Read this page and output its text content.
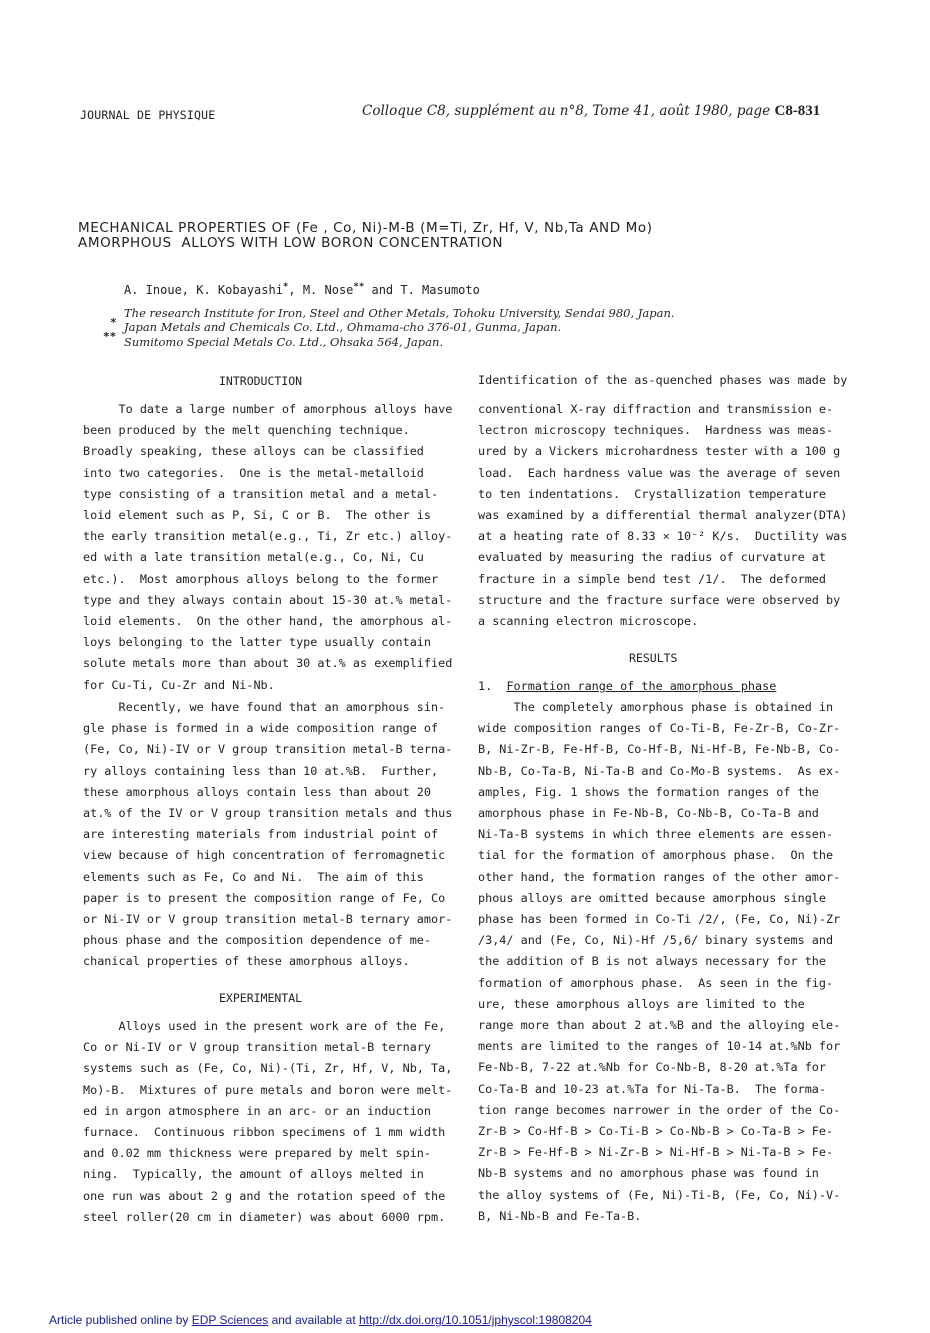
JOURNAL DE PHYSIQUE	Colloque C8, supplément au n°8, Tome 41, août 1980, page C8-831
MECHANICAL PROPERTIES OF (Fe , Co, Ni)-M-B (M=Ti, Zr, Hf, V, Nb,Ta AND Mo)
AMORPHOUS  ALLOYS WITH LOW BORON CONCENTRATION
A. Inoue, K. Kobayashi*, M. Nose** and T. Masumoto
The research Institute for Iron, Steel and Other Metals, Tohoku University, Sendai 980, Japan.
* Japan Metals and Chemicals Co. Ltd., Ohmama-cho 376-01, Gunma, Japan.
** Sumitomo Special Metals Co. Ltd., Ohsaka 564, Japan.
INTRODUCTION
To date a large number of amorphous alloys have
been produced by the melt quenching technique.
Broadly speaking, these alloys can be classified
into two categories.  One is the metal-metalloid
type consisting of a transition metal and a metal-
loid element such as P, Si, C or B.  The other is
the early transition metal(e.g., Ti, Zr etc.) alloy-
ed with a late transition metal(e.g., Co, Ni, Cu
etc.).  Most amorphous alloys belong to the former
type and they always contain about 15-30 at.% metal-
loid elements.  On the other hand, the amorphous al-
loys belonging to the latter type usually contain
solute metals more than about 30 at.% as exemplified
for Cu-Ti, Cu-Zr and Ni-Nb.
Recently, we have found that an amorphous sin-
gle phase is formed in a wide composition range of
(Fe, Co, Ni)-IV or V group transition metal-B terna-
ry alloys containing less than 10 at.%B.  Further,
these amorphous alloys contain less than about 20
at.% of the IV or V group transition metals and thus
are interesting materials from industrial point of
view because of high concentration of ferromagnetic
elements such as Fe, Co and Ni.  The aim of this
paper is to present the composition range of Fe, Co
or Ni-IV or V group transition metal-B ternary amor-
phous phase and the composition dependence of me-
chanical properties of these amorphous alloys.
EXPERIMENTAL
Alloys used in the present work are of the Fe,
Co or Ni-IV or V group transition metal-B ternary
systems such as (Fe, Co, Ni)-(Ti, Zr, Hf, V, Nb, Ta,
Mo)-B.  Mixtures of pure metals and boron were melt-
ed in argon atmosphere in an arc- or an induction
furnace.  Continuous ribbon specimens of 1 mm width
and 0.02 mm thickness were prepared by melt spin-
ning.  Typically, the amount of alloys melted in
one run was about 2 g and the rotation speed of the
steel roller(20 cm in diameter) was about 6000 rpm.
Identification of the as-quenched phases was made by
conventional X-ray diffraction and transmission e-
lectron microscopy techniques.  Hardness was meas-
ured by a Vickers microhardness tester with a 100 g
load.  Each hardness value was the average of seven
to ten indentations.  Crystallization temperature
was examined by a differential thermal analyzer(DTA)
at a heating rate of 8.33 × 10⁻² K/s.  Ductility was
evaluated by measuring the radius of curvature at
fracture in a simple bend test /1/.  The deformed
structure and the fracture surface were observed by
a scanning electron microscope.
RESULTS
1. Formation range of the amorphous phase
The completely amorphous phase is obtained in
wide composition ranges of Co-Ti-B, Fe-Zr-B, Co-Zr-
B, Ni-Zr-B, Fe-Hf-B, Co-Hf-B, Ni-Hf-B, Fe-Nb-B, Co-
Nb-B, Co-Ta-B, Ni-Ta-B and Co-Mo-B systems.  As ex-
amples, Fig. 1 shows the formation ranges of the
amorphous phase in Fe-Nb-B, Co-Nb-B, Co-Ta-B and
Ni-Ta-B systems in which three elements are essen-
tial for the formation of amorphous phase.  On the
other hand, the formation ranges of the other amor-
phous alloys are omitted because amorphous single
phase has been formed in Co-Ti /2/, (Fe, Co, Ni)-Zr
/3,4/ and (Fe, Co, Ni)-Hf /5,6/ binary systems and
the addition of B is not always necessary for the
formation of amorphous phase.  As seen in the fig-
ure, these amorphous alloys are limited to the
range more than about 2 at.%B and the alloying ele-
ments are limited to the ranges of 10-14 at.%Nb for
Fe-Nb-B, 7-22 at.%Nb for Co-Nb-B, 8-20 at.%Ta for
Co-Ta-B and 10-23 at.%Ta for Ni-Ta-B.  The forma-
tion range becomes narrower in the order of the Co-
Zr-B > Co-Hf-B > Co-Ti-B > Co-Nb-B > Co-Ta-B > Fe-
Zr-B > Fe-Hf-B > Ni-Zr-B > Ni-Hf-B > Ni-Ta-B > Fe-
Nb-B systems and no amorphous phase was found in
the alloy systems of (Fe, Ni)-Ti-B, (Fe, Co, Ni)-V-
B, Ni-Nb-B and Fe-Ta-B.
Article published online by EDP Sciences and available at http://dx.doi.org/10.1051/jphyscol:19808204
